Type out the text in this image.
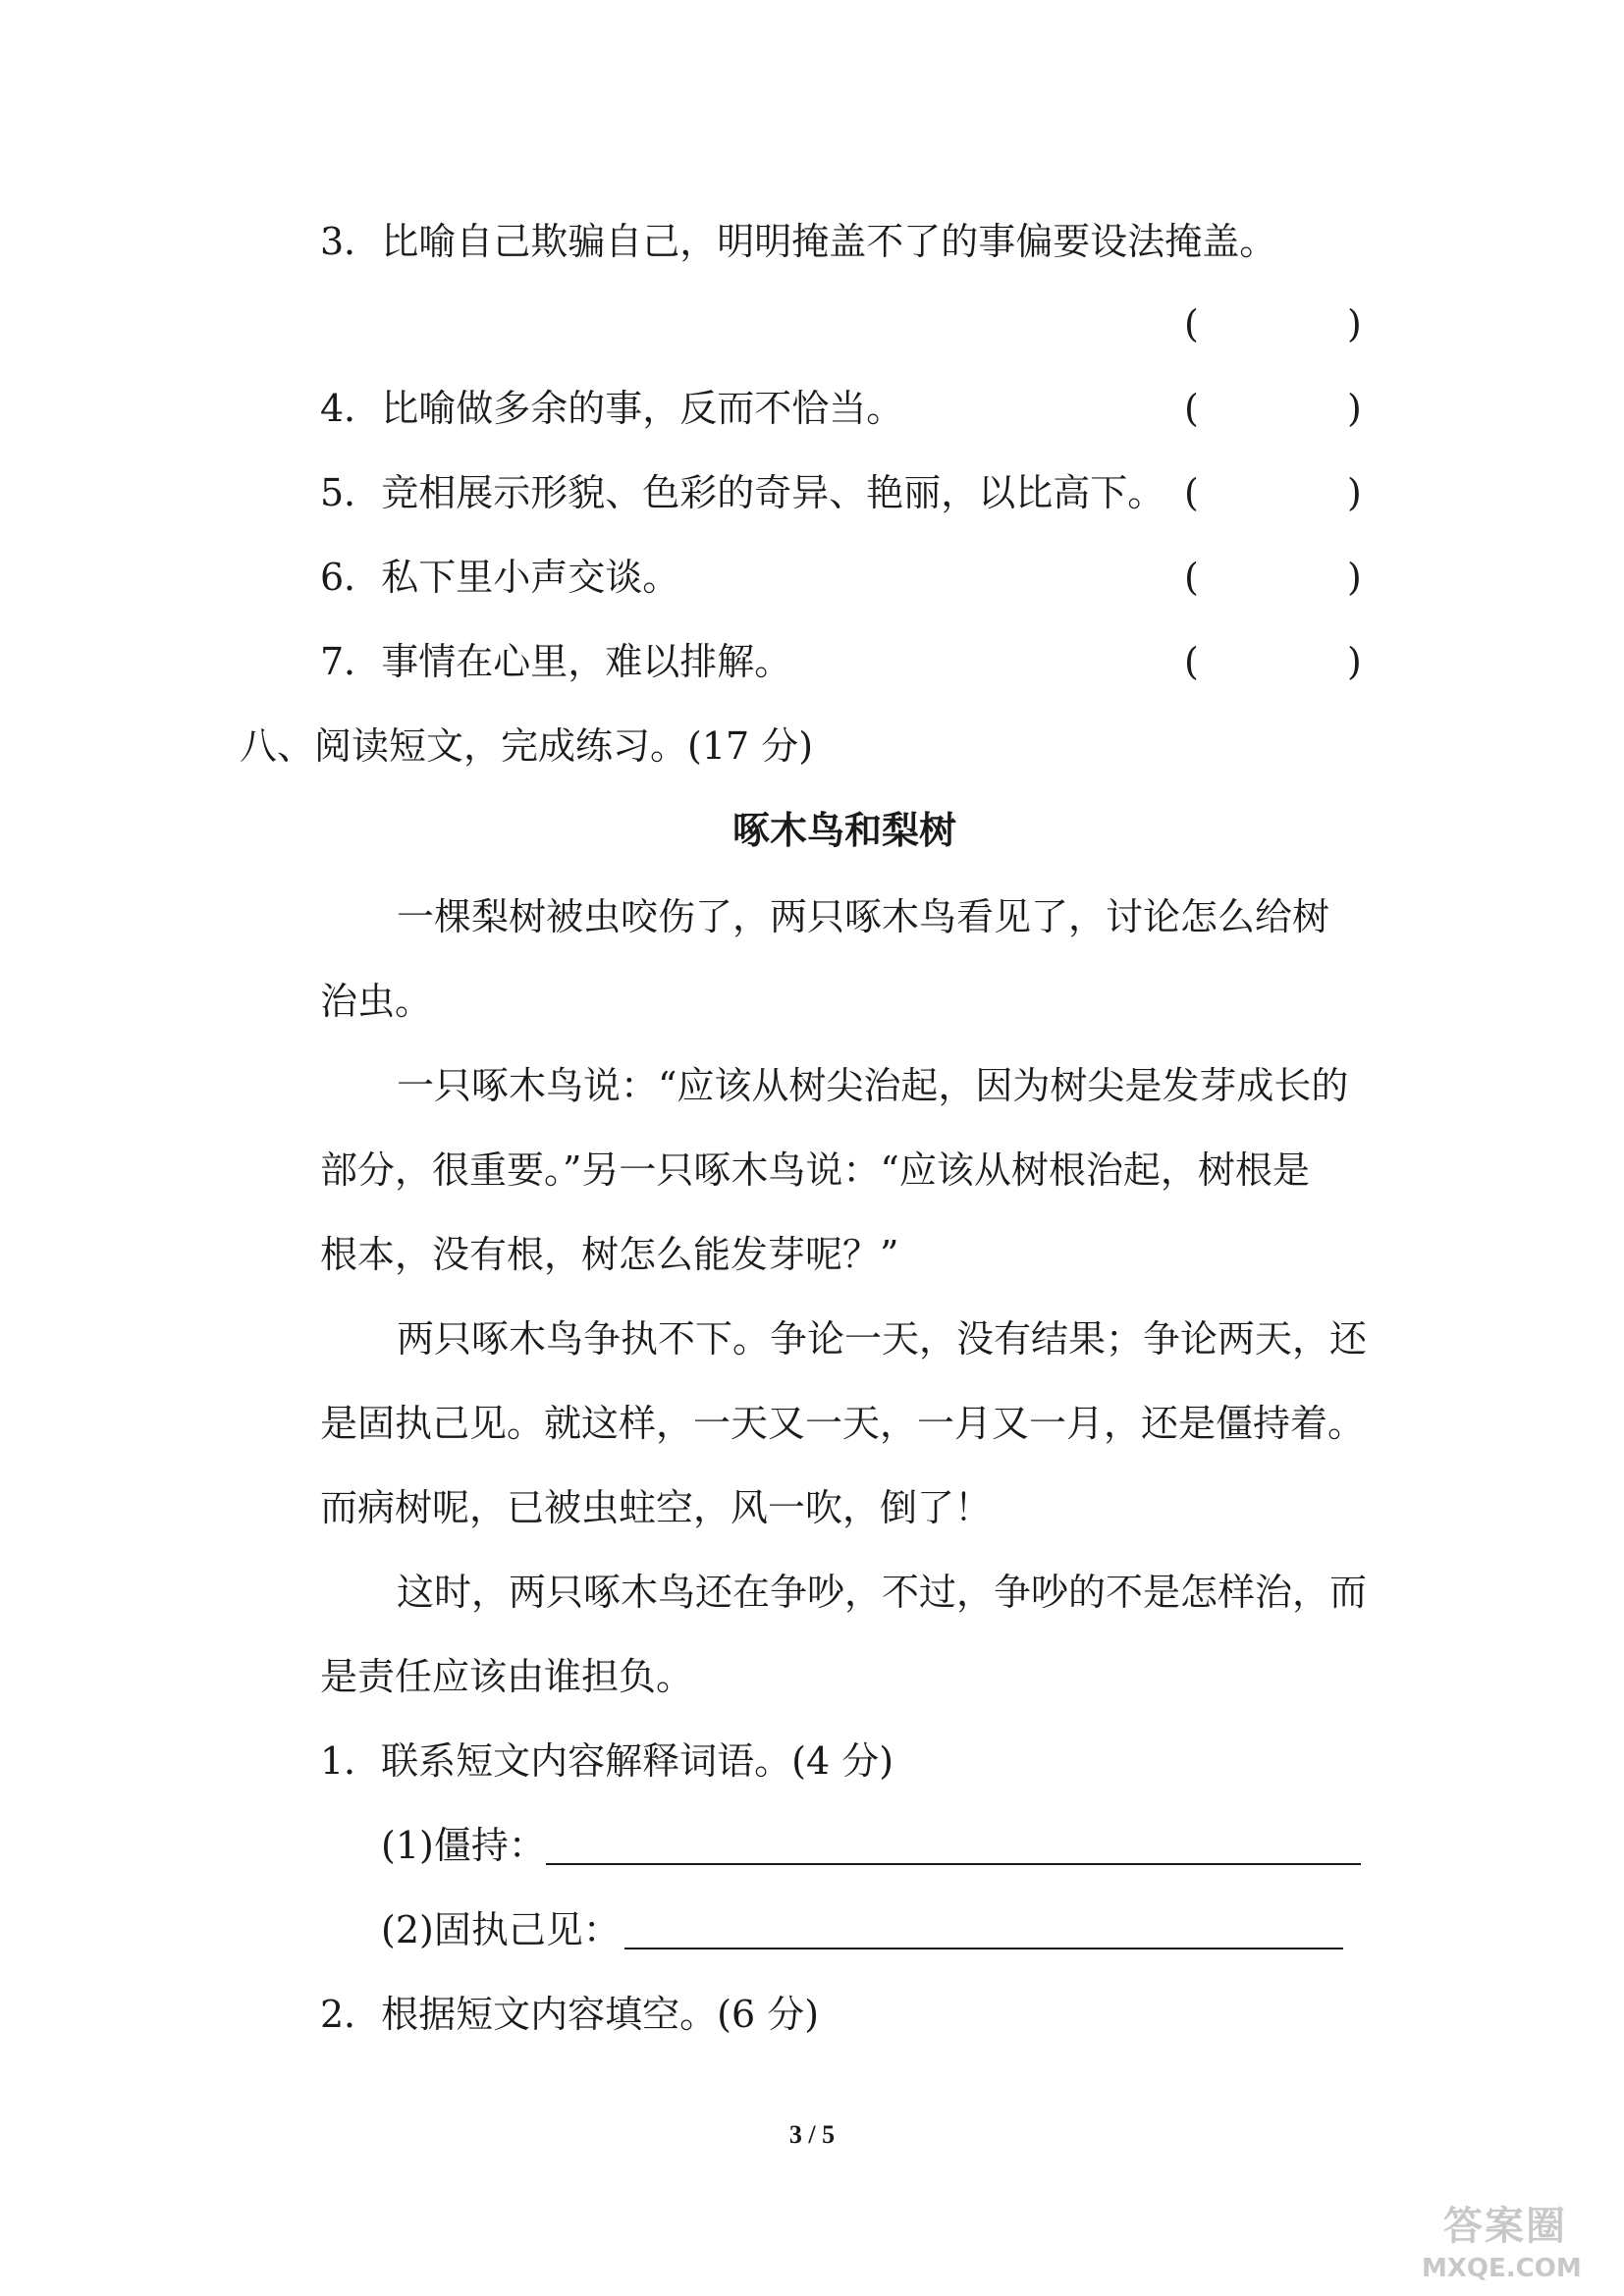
3．比喻自己欺骗自己，明明掩盖不了的事偏要设法掩盖。
(	)
4．比喻做多余的事，反而不恰当。	(	)
5．竞相展示形貌、色彩的奇异、艳丽，以比高下。 (	)
6．私下里小声交谈。	(	)
7．事情在心里，难以排解。	(	)
八、阅读短文，完成练习。(17 分)
啄木鸟和梨树
一棵梨树被虫咬伤了，两只啄木鸟看见了，讨论怎么给树
治虫。
一只啄木鸟说：“应该从树尖治起，因为树尖是发芽成长的
部分，很重要。”另一只啄木鸟说：“应该从树根治起，树根是
根本，没有根，树怎么能发芽呢？”
两只啄木鸟争执不下。争论一天，没有结果；争论两天，还
是固执己见。就这样，一天又一天，一月又一月，还是僵持着。
而病树呢，已被虫蛀空，风一吹，倒了！
这时，两只啄木鸟还在争吵，不过，争吵的不是怎样治，而
是责任应该由谁担负。
1．联系短文内容解释词语。(4 分)
(1)僵持：
(2)固执己见：
2．根据短文内容填空。(6 分)
3 / 5
答案圈
MXQE.COM
